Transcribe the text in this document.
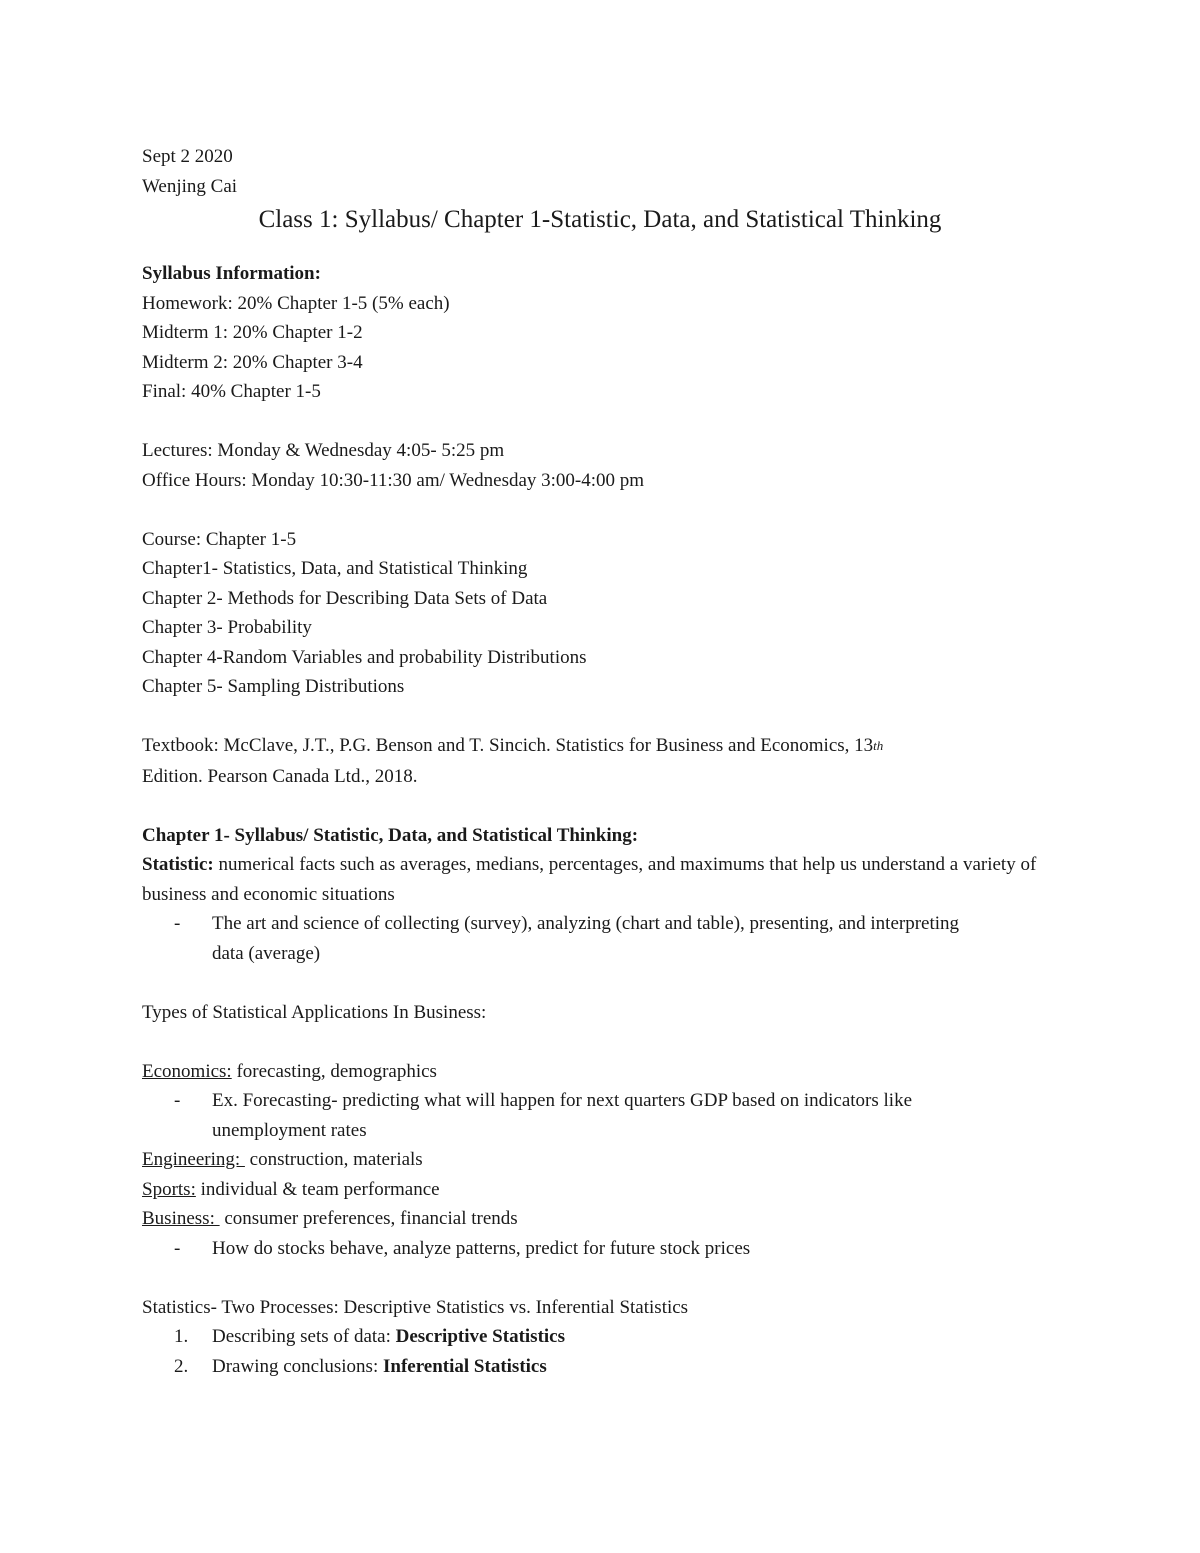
Sept 2 2020
Wenjing Cai
Class 1: Syllabus/ Chapter 1-Statistic, Data, and Statistical Thinking
Syllabus Information:
Homework: 20% Chapter 1-5 (5% each)
Midterm 1: 20% Chapter 1-2
Midterm 2: 20% Chapter 3-4
Final: 40% Chapter 1-5
Lectures: Monday & Wednesday 4:05- 5:25 pm
Office Hours: Monday 10:30-11:30 am/ Wednesday 3:00-4:00 pm
Course: Chapter 1-5
Chapter1- Statistics, Data, and Statistical Thinking
Chapter 2- Methods for Describing Data Sets of Data
Chapter 3- Probability
Chapter 4-Random Variables and probability Distributions
Chapter 5- Sampling Distributions
Textbook: McClave, J.T., P.G. Benson and T. Sincich. Statistics for Business and Economics, 13th
Edition. Pearson Canada Ltd., 2018.
Chapter 1- Syllabus/ Statistic, Data, and Statistical Thinking:
Statistic: numerical facts such as averages, medians, percentages, and maximums that help us understand a variety of business and economic situations
-	The art and science of collecting (survey), analyzing (chart and table), presenting, and interpreting data (average)
Types of Statistical Applications In Business:
Economics: forecasting, demographics
-	Ex. Forecasting- predicting what will happen for next quarters GDP based on indicators like unemployment rates
Engineering:  construction, materials
Sports: individual & team performance
Business:  consumer preferences, financial trends
-	How do stocks behave, analyze patterns, predict for future stock prices
Statistics- Two Processes: Descriptive Statistics vs. Inferential Statistics
1.	Describing sets of data: Descriptive Statistics
2.	Drawing conclusions: Inferential Statistics
